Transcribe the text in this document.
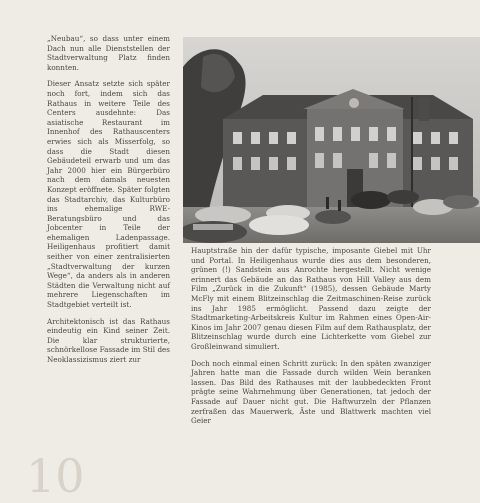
„Neubau“, so dass unter einem Dach nun alle Dienststellen der Stadtverwaltung Platz finden konnten.

Dieser Ansatz setzte sich später noch fort, indem sich das Rathaus in weitere Teile des Centers ausdehnte: Das asiatische Restaurant im Innenhof des Rathauscenters erwies sich als Misserfolg, so dass die Stadt diesen Gebäudeteil erwarb und um das Jahr 2000 hier ein Bürgerbüro nach dem damals neuesten Konzept eröffnete. Später folgten das Stadtarchiv, das Kulturbüro ins ehemalige RWE-Beratungsbüro und das Jobcenter in Teile der ehemaligen Ladenpassage. Heiligenhaus profitiert damit seither von einer zentralisierten „Stadtverwaltung der kurzen Wege“, da anders als in anderen Städten die Verwaltung nicht auf mehrere Liegenschaften im Stadtgebiet verteilt ist.

Architektonisch ist das Rathaus eindeutig ein Kind seiner Zeit. Die klar strukturierte, schnörkellose Fassade im Stil des Neoklassizismus ziert zur

Hauptstraße hin der dafür typische, imposante Giebel mit Uhr und Portal. In Heiligenhaus wurde dies aus dem besonderen, grünen (!) Sandstein aus Anrochte hergestellt. Nicht wenige erinnert das Gebäude an das Rathaus von Hill Valley aus dem Film „Zurück in die Zukunft“ (1985), dessen Gebäude Marty McFly mit einem Blitzeinschlag die Zeitmaschinen-Reise zurück ins Jahr 1985 ermöglicht. Passend dazu zeigte der Stadtmarketing-Arbeitskreis Kultur im Rahmen eines Open-Air-Kinos im Jahr 2007 genau diesen Film auf dem Rathausplatz, der Blitzeinschlag wurde durch eine Lichterkette vom Giebel zur Großleinwand simuliert.

Doch noch einmal einen Schritt zurück: In den späten zwanziger Jahren hatte man die Fassade durch wilden Wein beranken lassen. Das Bild des Rathauses mit der laubbedeckten Front prägte seine Wahrnehmung über Generationen, tat jedoch der Fassade auf Dauer nicht gut. Die Haftwurzeln der Pflanzen zerfraßen das Mauerwerk, Äste und Blattwerk machten viel Geier

10
